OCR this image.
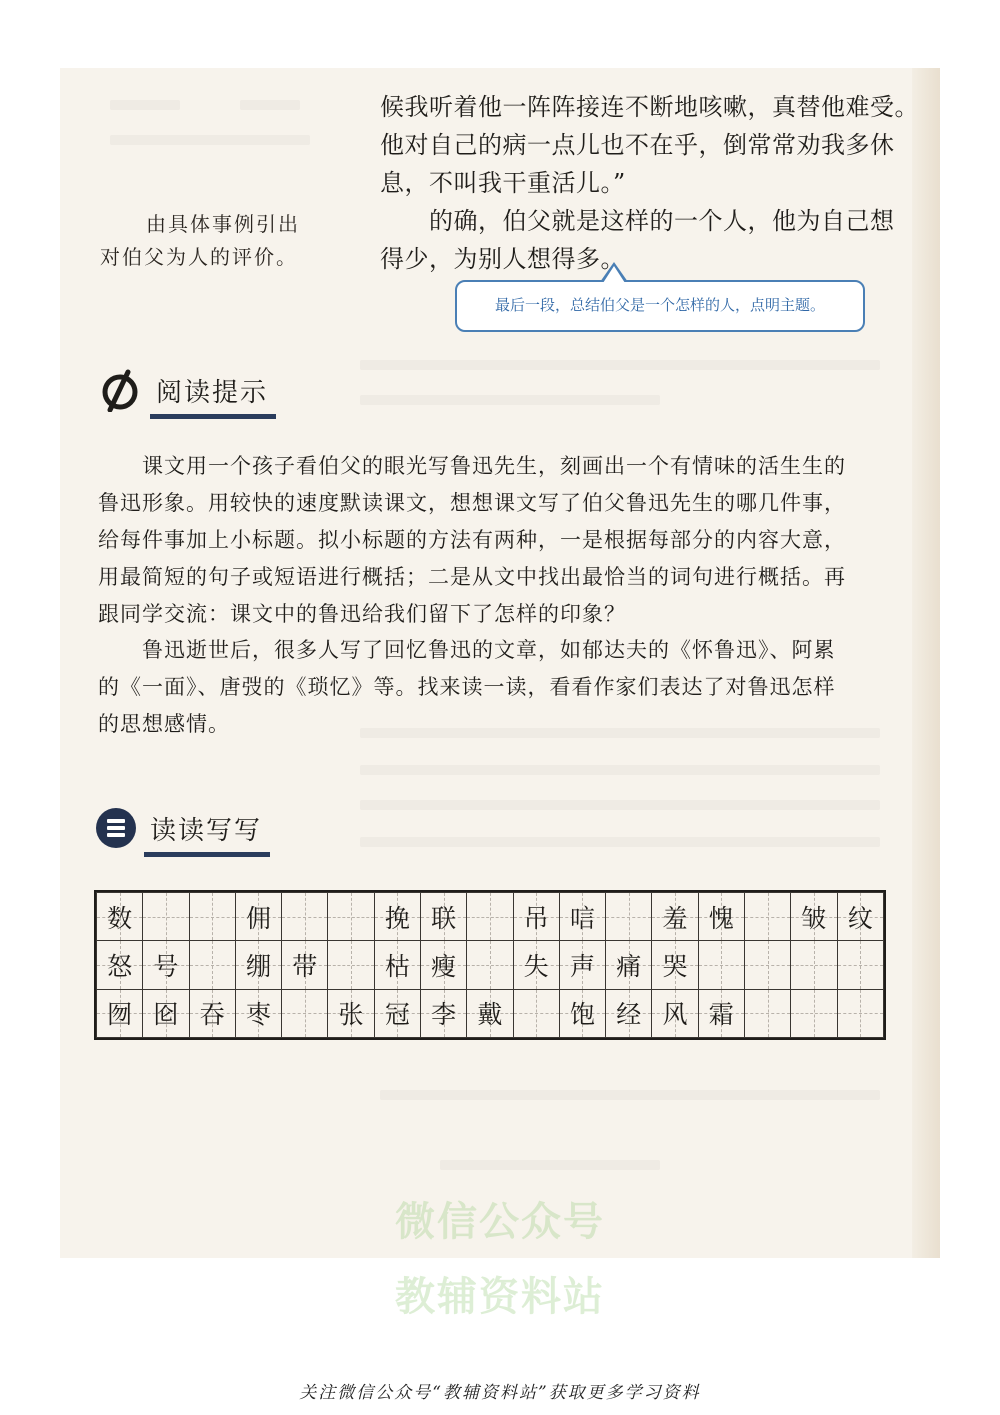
候我听着他一阵阵接连不断地咳嗽，真替他难受。
他对自己的病一点儿也不在乎，倒常常劝我多休
息，不叫我干重活儿。”
　　的确，伯父就是这样的一个人，他为自己想
得少，为别人想得多。
由具体事例引出
对伯父为人的评价。
最后一段，总结伯父是一个怎样的人，点明主题。
阅读提示
　　课文用一个孩子看伯父的眼光写鲁迅先生，刻画出一个有情味的活生生的
鲁迅形象。用较快的速度默读课文，想想课文写了伯父鲁迅先生的哪几件事，
给每件事加上小标题。拟小标题的方法有两种，一是根据每部分的内容大意，
用最简短的句子或短语进行概括；二是从文中找出最恰当的词句进行概括。再
跟同学交流：课文中的鲁迅给我们留下了怎样的印象？
　　鲁迅逝世后，很多人写了回忆鲁迅的文章，如郁达夫的《怀鲁迅》、阿累
的《一面》、唐弢的《琐忆》等。找来读一读，看看作家们表达了对鲁迅怎样
的思想感情。
读读写写
数			佣			挽	联		吊	唁		羞	愧		皱	纹
怒	号		绷	带		枯	瘦		失	声	痛	哭				
囫	囵	吞	枣		张	冠	李	戴		饱	经	风	霜			
微信公众号
教辅资料站
关注微信公众号“教辅资料站”获取更多学习资料
